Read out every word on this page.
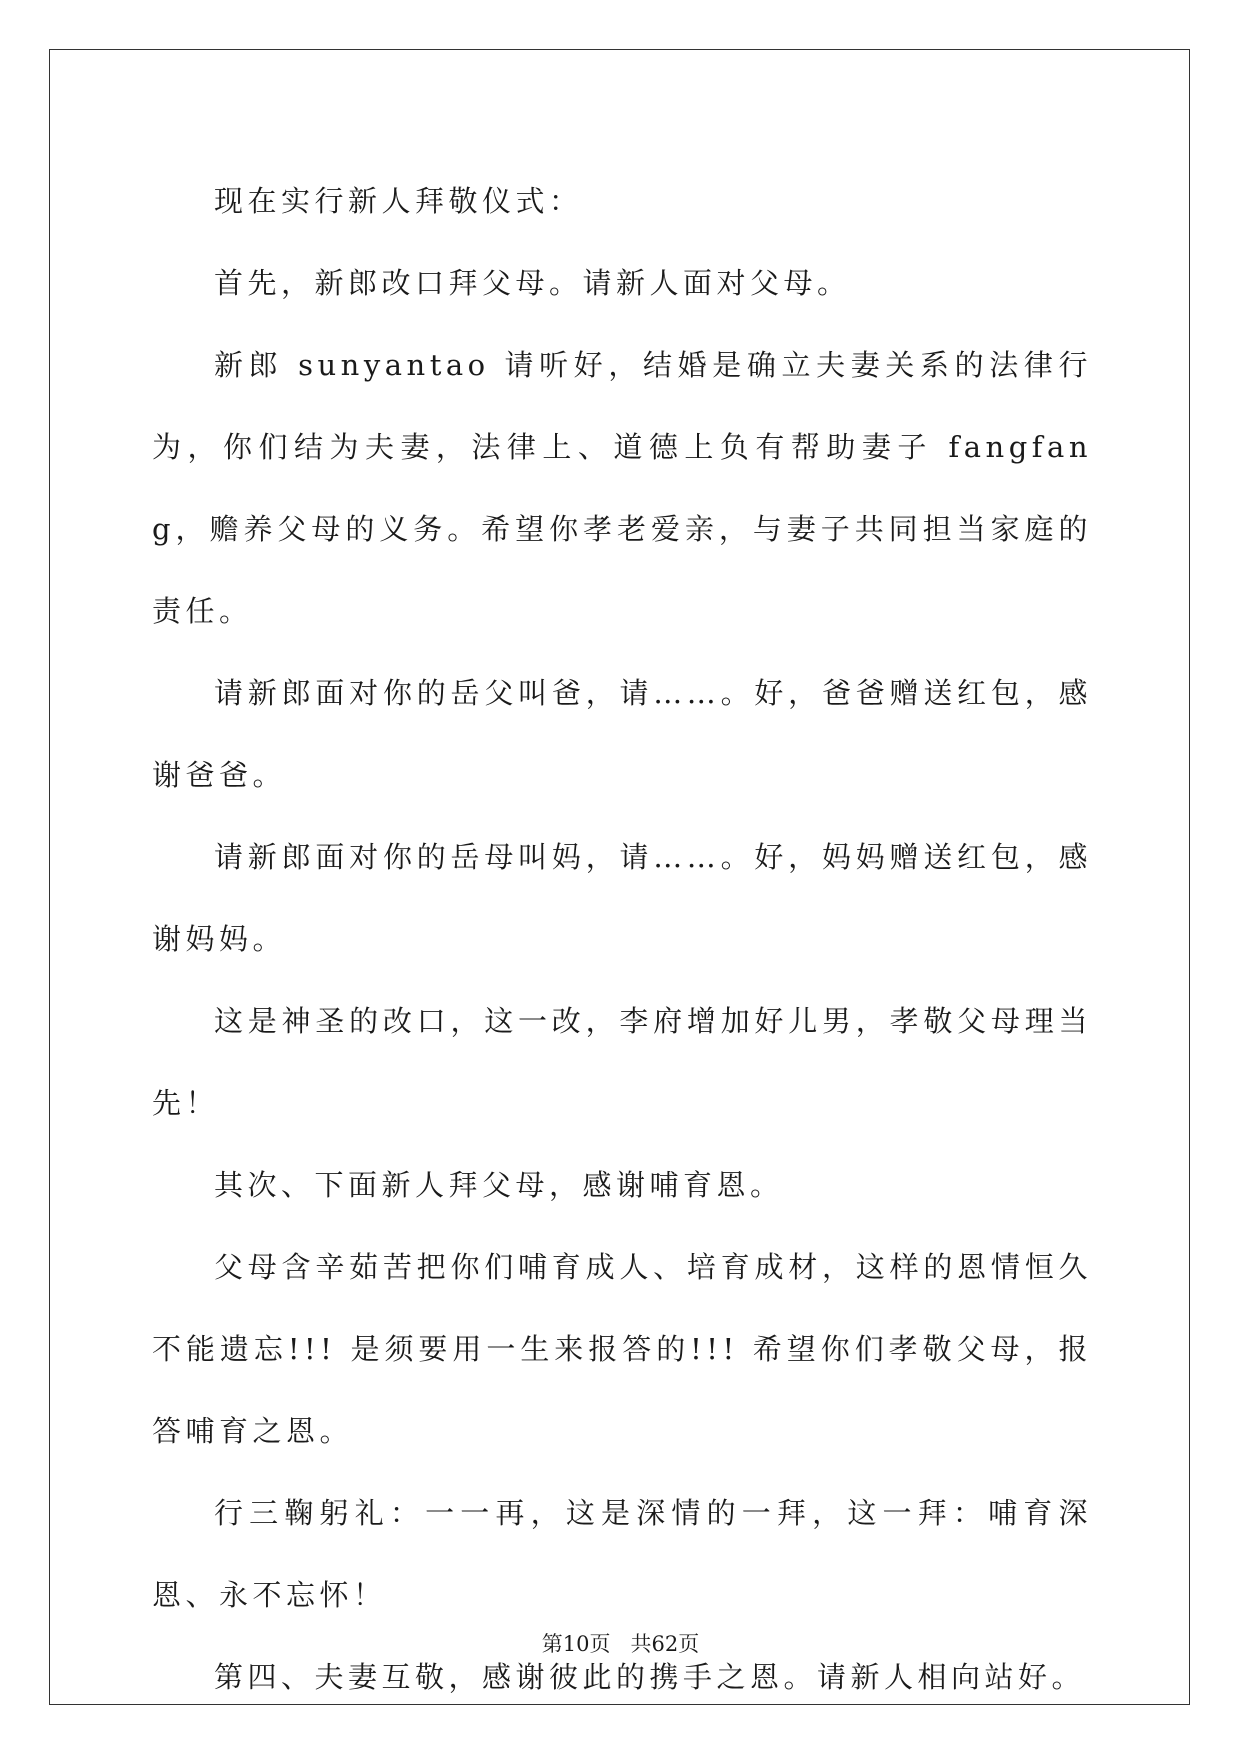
现在实行新人拜敬仪式：

首先，新郎改口拜父母。请新人面对父母。

新郎 sunyantao 请听好，结婚是确立夫妻关系的法律行为，你们结为夫妻，法律上、道德上负有帮助妻子 fangfang，赡养父母的义务。希望你孝老爱亲，与妻子共同担当家庭的责任。

请新郎面对你的岳父叫爸，请……。好，爸爸赠送红包，感谢爸爸。

请新郎面对你的岳母叫妈，请……。好，妈妈赠送红包，感谢妈妈。

这是神圣的改口，这一改，李府增加好儿男，孝敬父母理当先！

其次、下面新人拜父母，感谢哺育恩。

父母含辛茹苦把你们哺育成人、培育成材，这样的恩情恒久不能遗忘!!! 是须要用一生来报答的!!! 希望你们孝敬父母，报答哺育之恩。

行三鞠躬礼：一一再，这是深情的一拜，这一拜：哺育深恩、永不忘怀！

第四、夫妻互敬，感谢彼此的携手之恩。请新人相向站好。

第10页   共62页
